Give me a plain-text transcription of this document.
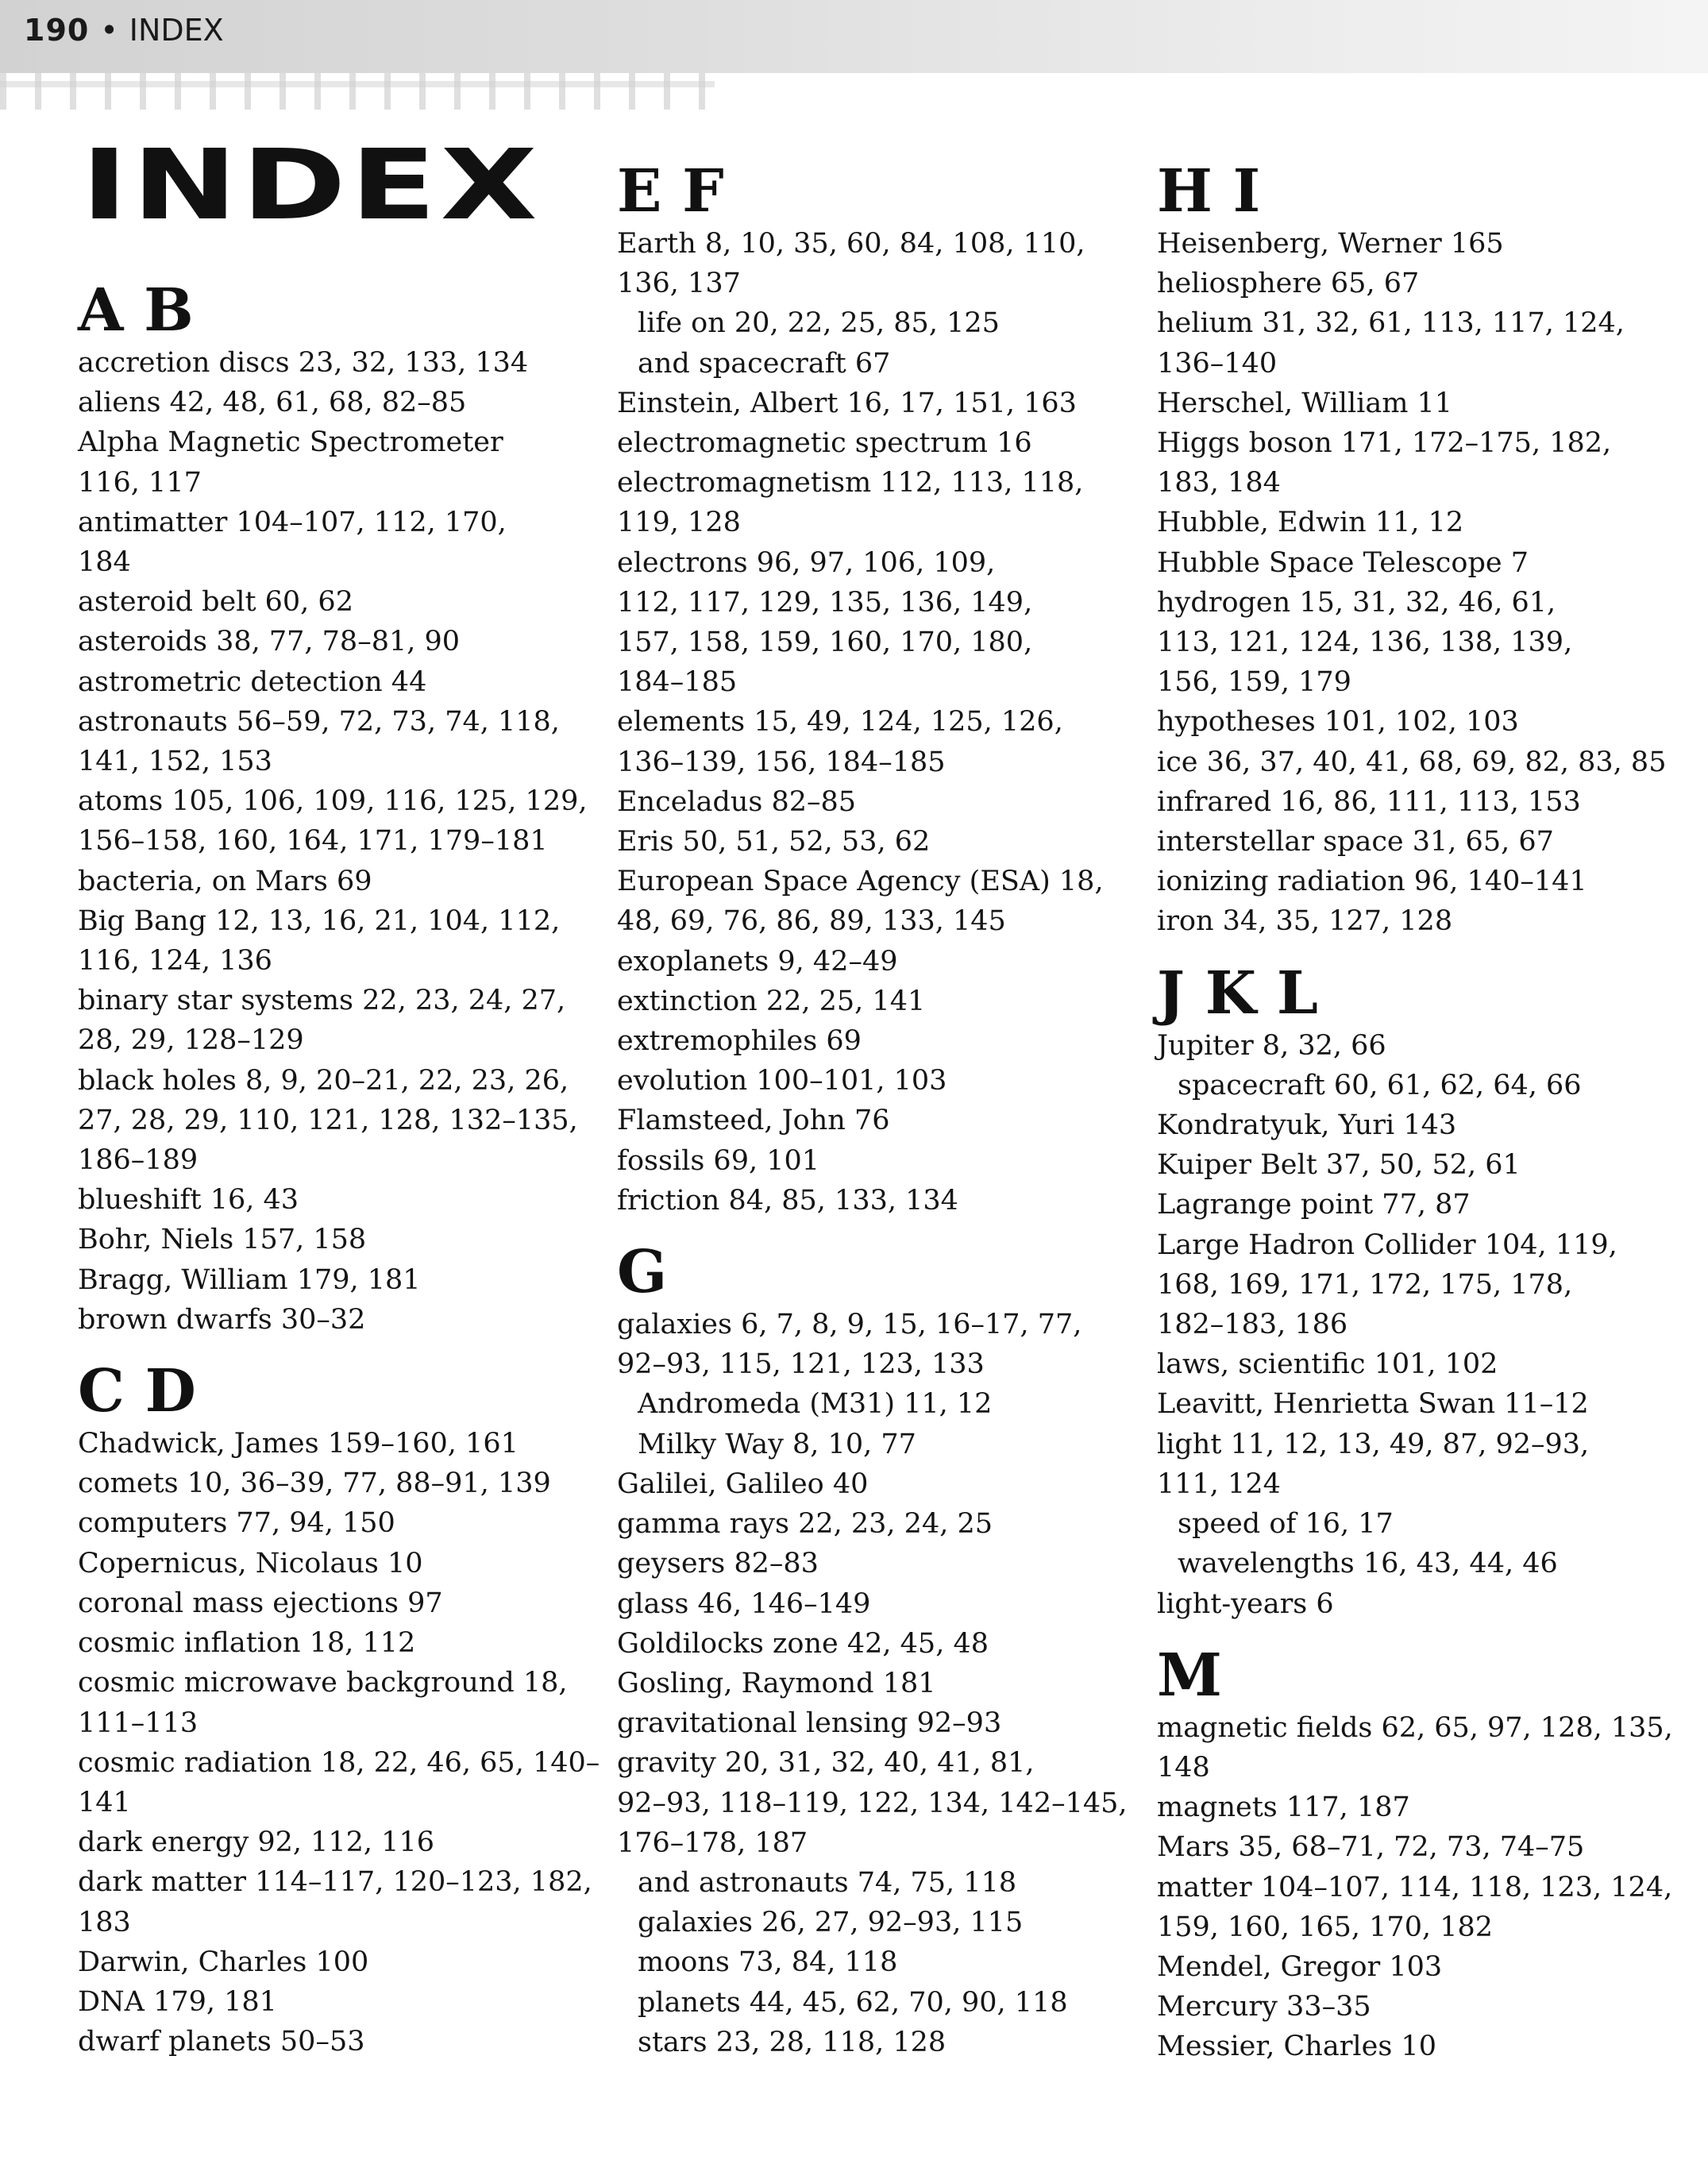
190 • INDEX
INDEX
A B
accretion discs 23, 32, 133, 134
aliens 42, 48, 61, 68, 82–85
Alpha Magnetic Spectrometer
116, 117
antimatter 104–107, 112, 170,
184
asteroid belt 60, 62
asteroids 38, 77, 78–81, 90
astrometric detection 44
astronauts 56–59, 72, 73, 74, 118,
141, 152, 153
atoms 105, 106, 109, 116, 125, 129,
156–158, 160, 164, 171, 179–181
bacteria, on Mars 69
Big Bang 12, 13, 16, 21, 104, 112,
116, 124, 136
binary star systems 22, 23, 24, 27,
28, 29, 128–129
black holes 8, 9, 20–21, 22, 23, 26,
27, 28, 29, 110, 121, 128, 132–135,
186–189
blueshift 16, 43
Bohr, Niels 157, 158
Bragg, William 179, 181
brown dwarfs 30–32
C D
Chadwick, James 159–160, 161
comets 10, 36–39, 77, 88–91, 139
computers 77, 94, 150
Copernicus, Nicolaus 10
coronal mass ejections 97
cosmic inflation 18, 112
cosmic microwave background 18,
111–113
cosmic radiation 18, 22, 46, 65, 140–
141
dark energy 92, 112, 116
dark matter 114–117, 120–123, 182,
183
Darwin, Charles 100
DNA 179, 181
dwarf planets 50–53
E F
Earth 8, 10, 35, 60, 84, 108, 110,
136, 137
life on 20, 22, 25, 85, 125
and spacecraft 67
Einstein, Albert 16, 17, 151, 163
electromagnetic spectrum 16
electromagnetism 112, 113, 118,
119, 128
electrons 96, 97, 106, 109,
112, 117, 129, 135, 136, 149,
157, 158, 159, 160, 170, 180,
184–185
elements 15, 49, 124, 125, 126,
136–139, 156, 184–185
Enceladus 82–85
Eris 50, 51, 52, 53, 62
European Space Agency (ESA) 18,
48, 69, 76, 86, 89, 133, 145
exoplanets 9, 42–49
extinction 22, 25, 141
extremophiles 69
evolution 100–101, 103
Flamsteed, John 76
fossils 69, 101
friction 84, 85, 133, 134
G
galaxies 6, 7, 8, 9, 15, 16–17, 77,
92–93, 115, 121, 123, 133
Andromeda (M31) 11, 12
Milky Way 8, 10, 77
Galilei, Galileo 40
gamma rays 22, 23, 24, 25
geysers 82–83
glass 46, 146–149
Goldilocks zone 42, 45, 48
Gosling, Raymond 181
gravitational lensing 92–93
gravity 20, 31, 32, 40, 41, 81,
92–93, 118–119, 122, 134, 142–145,
176–178, 187
and astronauts 74, 75, 118
galaxies 26, 27, 92–93, 115
moons 73, 84, 118
planets 44, 45, 62, 70, 90, 118
stars 23, 28, 118, 128
H I
Heisenberg, Werner 165
heliosphere 65, 67
helium 31, 32, 61, 113, 117, 124,
136–140
Herschel, William 11
Higgs boson 171, 172–175, 182,
183, 184
Hubble, Edwin 11, 12
Hubble Space Telescope 7
hydrogen 15, 31, 32, 46, 61,
113, 121, 124, 136, 138, 139,
156, 159, 179
hypotheses 101, 102, 103
ice 36, 37, 40, 41, 68, 69, 82, 83, 85
infrared 16, 86, 111, 113, 153
interstellar space 31, 65, 67
ionizing radiation 96, 140–141
iron 34, 35, 127, 128
J K L
Jupiter 8, 32, 66
spacecraft 60, 61, 62, 64, 66
Kondratyuk, Yuri 143
Kuiper Belt 37, 50, 52, 61
Lagrange point 77, 87
Large Hadron Collider 104, 119,
168, 169, 171, 172, 175, 178,
182–183, 186
laws, scientific 101, 102
Leavitt, Henrietta Swan 11–12
light 11, 12, 13, 49, 87, 92–93,
111, 124
speed of 16, 17
wavelengths 16, 43, 44, 46
light-years 6
M
magnetic fields 62, 65, 97, 128, 135,
148
magnets 117, 187
Mars 35, 68–71, 72, 73, 74–75
matter 104–107, 114, 118, 123, 124,
159, 160, 165, 170, 182
Mendel, Gregor 103
Mercury 33–35
Messier, Charles 10
